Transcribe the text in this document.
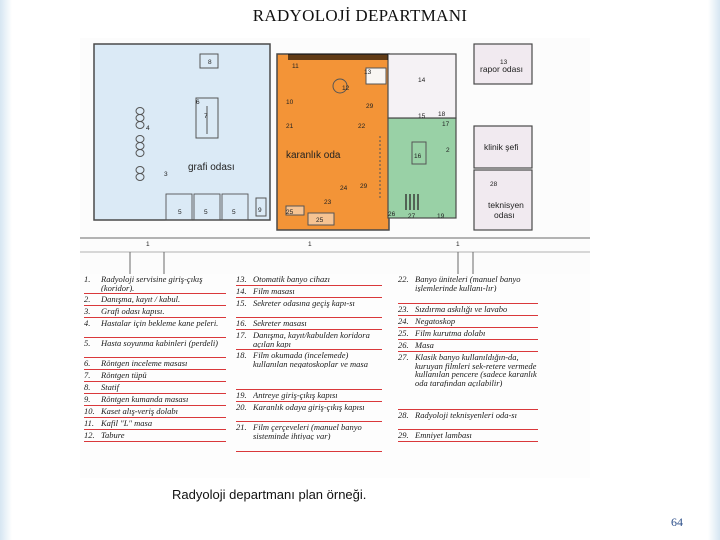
RADYOLOJİ DEPARTMANI
grafi odası
karanlık oda
rapor odası
klinik şefi
teknisyen
odası
1	1	1
2
3
4
5	5	5
6
7
8
9
10
11
12
13
13
14
15
16
17
28
19
21	22
23
24
25
25
29
29
27
18
26
1. Radyoloji servisine giriş-çıkış (koridor).
2. Danışma, kayıt / kabul.
3. Grafi odası kapısı.
4. Hastalar için bekleme kane peleri.
5. Hasta soyunma kabinleri (perdeli)
6. Röntgen inceleme masası
7. Röntgen tüpü
8. Statif
9. Röntgen kumanda masası
10. Kaset alış-veriş dolabı
11. Kafil "L" masa
12. Tabure
13. Otomatik banyo cihazı
14. Film masası
15. Sekreter odasına geçiş kapı-sı
16. Sekreter masası
17. Danışma, kayıt/kabulden koridora açılan kapı
18. Film okumada (incelemede) kullanılan negatoskoplar ve masa
19. Antreye giriş-çıkış kapısı
20. Karanlık odaya giriş-çıkış kapısı
21. Film çerçeveleri (manuel banyo sisteminde ihtiyaç var)
22. Banyo üniteleri (manuel banyo işlemlerinde kullanı-lır)
23. Sızdırma askılığı ve lavabo
24. Negatoskop
25. Film kurutma dolabı
26. Masa
27. Klasik banyo kullanıldığın-da, kuruyan filmleri sek-retere vermede kullanılan pencere (sadece karanlık oda tarafından açılabilir)
28. Radyoloji teknisyenleri oda-sı
29. Emniyet lambası
Radyoloji departmanı plan örneği.
64
